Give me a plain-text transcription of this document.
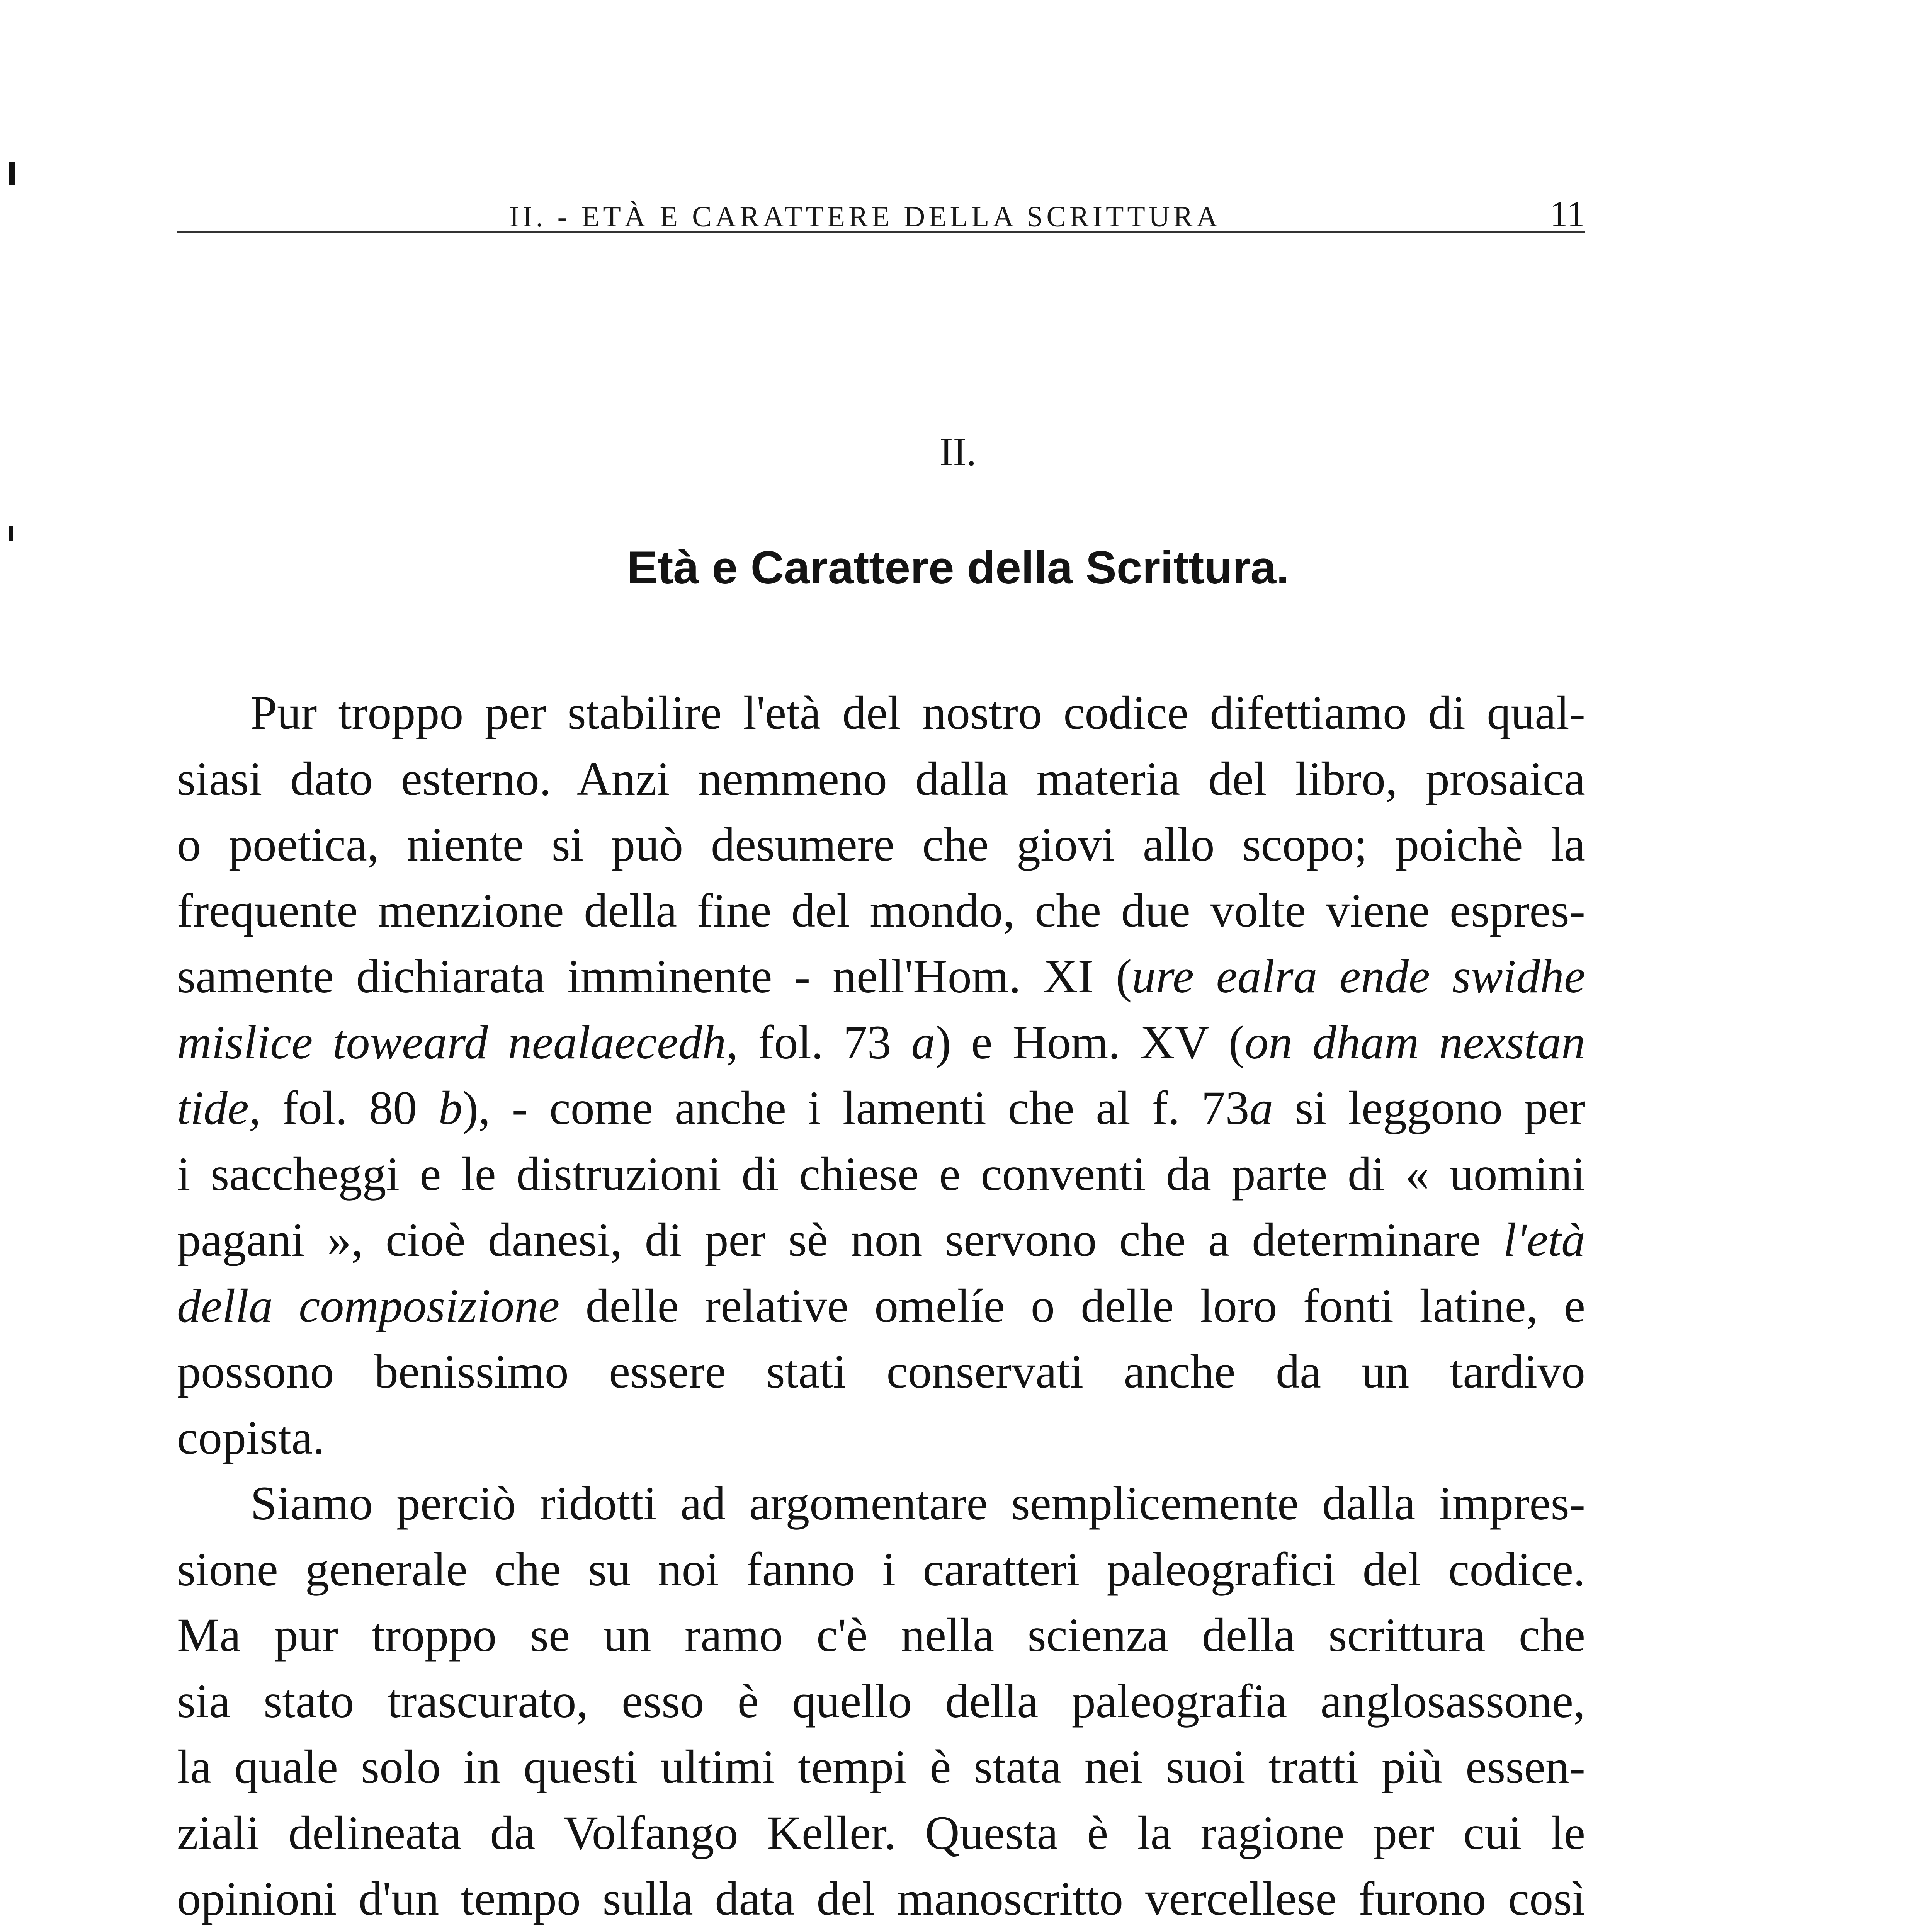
II. - ETÀ E CARATTERE DELLA SCRITTURA	11
II.
Età e Carattere della Scrittura.
Pur troppo per stabilire l'età del nostro codice difettiamo di qual-
siasi dato esterno. Anzi nemmeno dalla materia del libro, prosaica
o poetica, niente si può desumere che giovi allo scopo; poichè la
frequente menzione della fine del mondo, che due volte viene espres-
samente dichiarata imminente - nell'Hom. XI (ure ealra ende swidhe
mislice toweard nealaecedh, fol. 73 a) e Hom. XV (on dham nexstan
tide, fol. 80 b), - come anche i lamenti che al f. 73a si leggono per
i saccheggi e le distruzioni di chiese e conventi da parte di « uomini
pagani », cioè danesi, di per sè non servono che a determinare l'età
della composizione delle relative omelíe o delle loro fonti latine, e
possono benissimo essere stati conservati anche da un tardivo
copista.
Siamo perciò ridotti ad argomentare semplicemente dalla impres-
sione generale che su noi fanno i caratteri paleografici del codice.
Ma pur troppo se un ramo c'è nella scienza della scrittura che
sia stato trascurato, esso è quello della paleografia anglosassone,
la quale solo in questi ultimi tempi è stata nei suoi tratti più essen-
ziali delineata da Volfango Keller. Questa è la ragione per cui le
opinioni d'un tempo sulla data del manoscritto vercellese furono così
